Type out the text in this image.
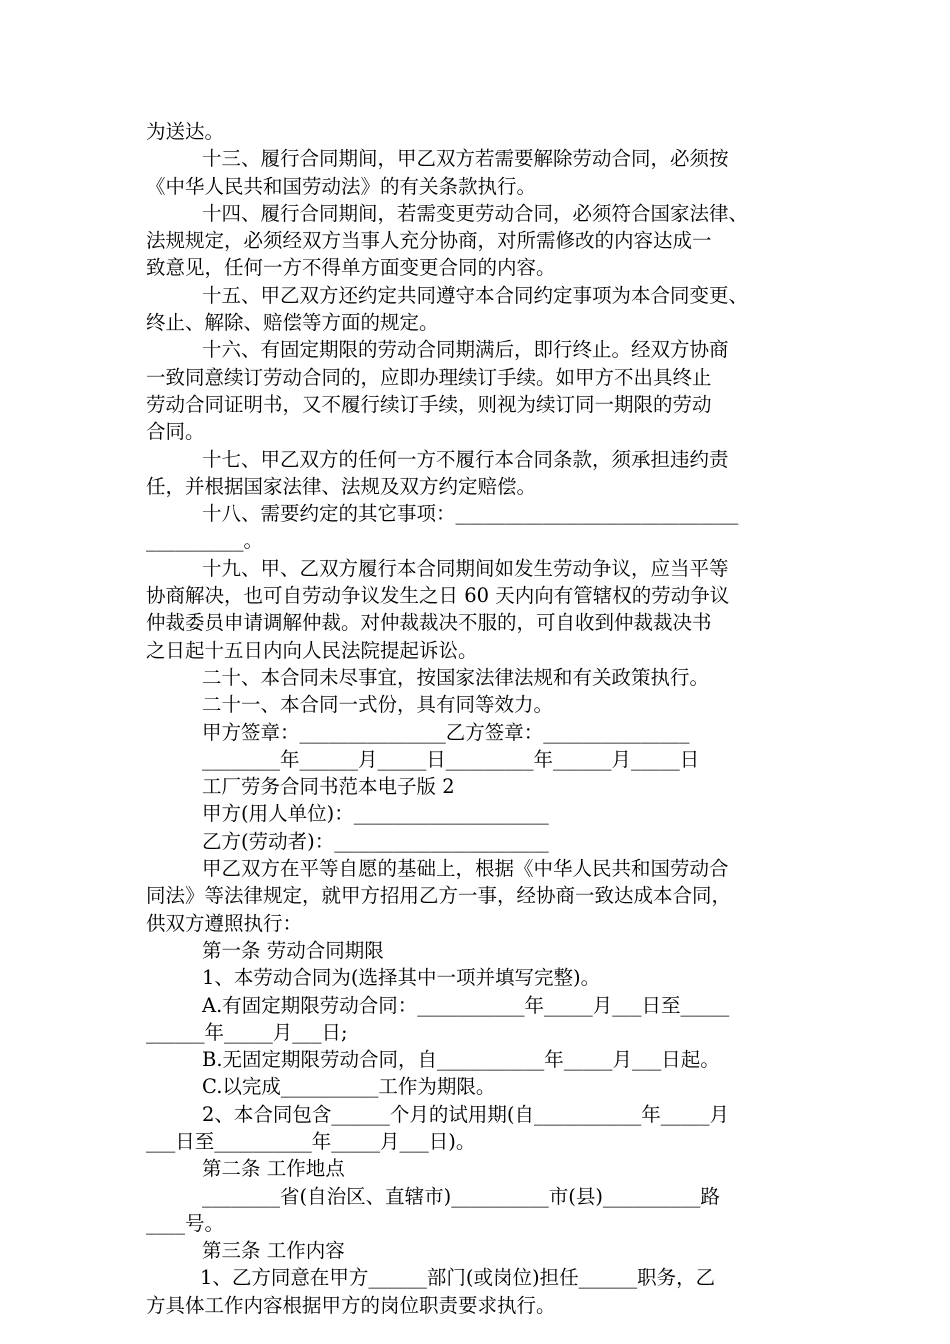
为送达。
十三、履行合同期间，甲乙双方若需要解除劳动合同，必须按
《中华人民共和国劳动法》的有关条款执行。
十四、履行合同期间，若需变更劳动合同，必须符合国家法律、
法规规定，必须经双方当事人充分协商，对所需修改的内容达成一
致意见，任何一方不得单方面变更合同的内容。
十五、甲乙双方还约定共同遵守本合同约定事项为本合同变更、
终止、解除、赔偿等方面的规定。
十六、有固定期限的劳动合同期满后，即行终止。经双方协商
一致同意续订劳动合同的，应即办理续订手续。如甲方不出具终止
劳动合同证明书，又不履行续订手续，则视为续订同一期限的劳动
合同。
十七、甲乙双方的任何一方不履行本合同条款，须承担违约责
任，并根据国家法律、法规及双方约定赔偿。
十八、需要约定的其它事项：_____________________________
__________。
十九、甲、乙双方履行本合同期间如发生劳动争议，应当平等
协商解决，也可自劳动争议发生之日 60 天内向有管辖权的劳动争议
仲裁委员申请调解仲裁。对仲裁裁决不服的，可自收到仲裁裁决书
之日起十五日内向人民法院提起诉讼。
二十、本合同未尽事宜，按国家法律法规和有关政策执行。
二十一、本合同一式份，具有同等效力。
甲方签章：_______________乙方签章：_______________
________年______月_____日_________年______月_____日
工厂劳务合同书范本电子版 2
甲方(用人单位)：____________________
乙方(劳动者)：______________________
甲乙双方在平等自愿的基础上，根据《中华人民共和国劳动合
同法》等法律规定，就甲方招用乙方一事，经协商一致达成本合同，
供双方遵照执行：
第一条 劳动合同期限
1、本劳动合同为(选择其中一项并填写完整)。
A.有固定期限劳动合同：___________年_____月___日至_____
______年_____月___日;
B.无固定期限劳动合同，自___________年_____月___日起。
C.以完成__________工作为期限。
2、本合同包含______个月的试用期(自___________年_____月
___日至__________年_____月___日)。
第二条 工作地点
________省(自治区、直辖市)__________市(县)__________路
____号。
第三条 工作内容
1、乙方同意在甲方______部门(或岗位)担任______职务，乙
方具体工作内容根据甲方的岗位职责要求执行。
